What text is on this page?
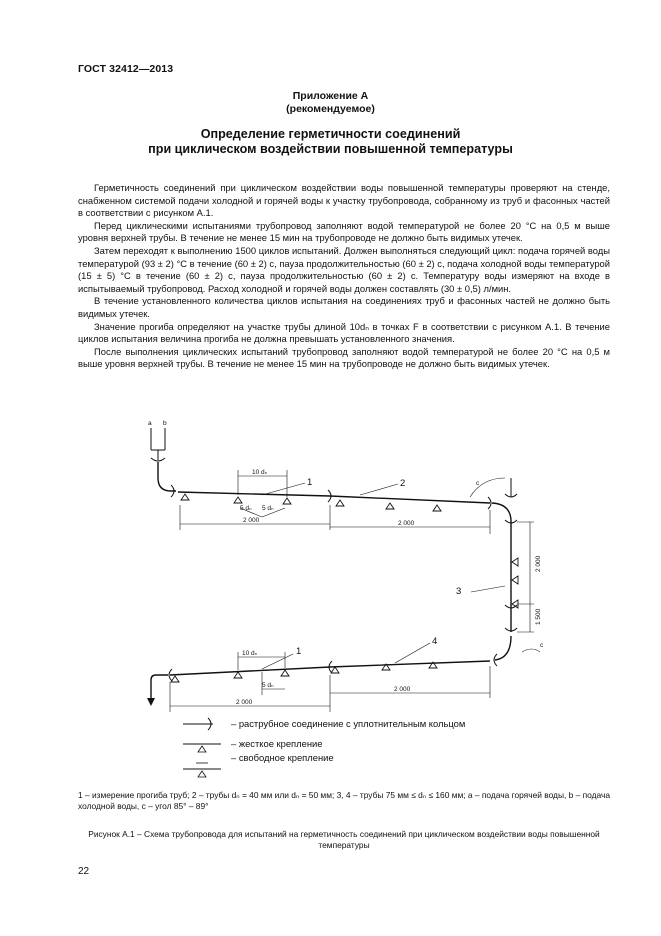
ГОСТ 32412—2013
Приложение А
(рекомендуемое)
Определение герметичности соединений
при циклическом воздействии повышенной температуры

Герметичность соединений при циклическом воздействии воды повышенной температуры проверяют на стенде, снабженном системой подачи холодной и горячей воды к участку трубопровода, собранному из труб и фасонных частей в соответствии с рисунком А.1.

Перед циклическими испытаниями трубопровод заполняют водой температурой не более 20 °С на 0,5 м выше уровня верхней трубы. В течение не менее 15 мин на трубопроводе не должно быть видимых утечек.

Затем переходят к выполнению 1500 циклов испытаний. Должен выполняться следующий цикл: подача горячей воды температурой (93 ± 2) °С в течение (60 ± 2) с, пауза продолжительностью (60 ± 2) с, подача холодной воды температурой (15 ± 5) °С в течение (60 ± 2) с, пауза продолжительностью (60 ± 2) с. Температуру воды измеряют на входе в испытываемый трубопровод. Расход холодной и горячей воды должен составлять (30 ± 0,5) л/мин.

В течение установленного количества циклов испытания на соединениях труб и фасонных частей не должно быть видимых утечек.

Значение прогиба определяют на участке трубы длиной 10dₙ в точках F в соответствии с рисунком А.1. В течение циклов испытания величина прогиба не должна превышать установленного значения.

После выполнения циклических испытаний трубопровод заполняют водой температурой не более 20 °С на 0,5 м выше уровня верхней трубы. В течение не менее 15 мин на трубопроводе не должно быть видимых утечек.

a b
c
c
10 dₙ
5 dₙ 5 dₙ
10 dₙ
5 dₙ
2 000	2 000
2 000
2 000
2 000
1 500
1	2
3
4
1
– раструбное соединение с уплотнительным кольцом
– жесткое крепление
– свободное крепление
1 – измерение прогиба труб; 2 – трубы dₙ = 40 мм или dₙ = 50 мм; 3, 4 – трубы 75 мм ≤ dₙ ≤ 160 мм; a – подача горячей воды, b – подача холодной воды, c – угол 85° – 89°
Рисунок А.1 – Схема трубопровода для испытаний на герметичность соединений при циклическом воздействии воды повышенной температуры
22
